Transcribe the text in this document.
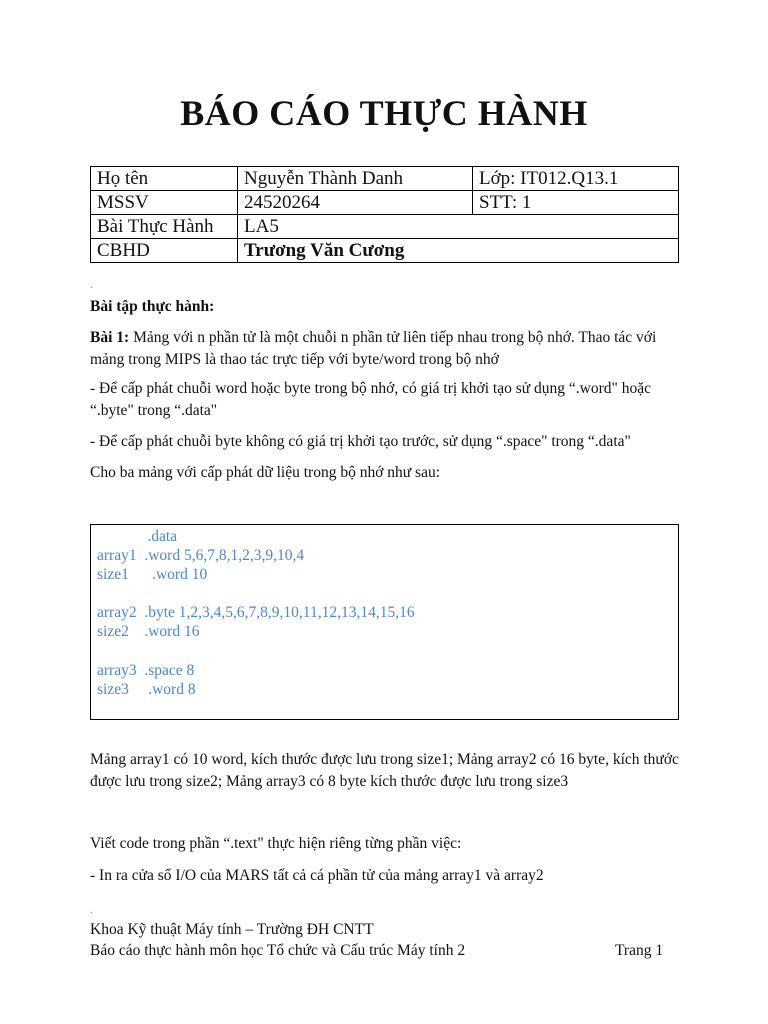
BÁO CÁO THỰC HÀNH
Họ tên	Nguyễn Thành Danh	Lớp: IT012.Q13.1
MSSV	24520264	STT: 1
Bài Thực Hành	LA5	
CBHD	Trương Văn Cương	
.
Bài tập thực hành:
Bài 1: Mảng với n phần tử là một chuỗi n phần tử liên tiếp nhau trong bộ nhớ. Thao tác với mảng trong MIPS là thao tác trực tiếp với byte/word trong bộ nhớ
- Để cấp phát chuỗi word hoặc byte trong bộ nhớ, có giá trị khởi tạo sử dụng “.word" hoặc “.byte" trong “.data"
- Để cấp phát chuỗi byte không có giá trị khởi tạo trước, sử dụng “.space" trong “.data"
Cho ba mảng với cấp phát dữ liệu trong bộ nhớ như sau:
.data
array1  .word 5,6,7,8,1,2,3,9,10,4
size1      .word 10
array2  .byte 1,2,3,4,5,6,7,8,9,10,11,12,13,14,15,16
size2    .word 16
array3  .space 8
size3     .word 8
Mảng array1 có 10 word, kích thước được lưu trong size1; Mảng array2 có 16 byte, kích thước được lưu trong size2; Mảng array3 có 8 byte kích thước được lưu trong size3
Viết code trong phần “.text" thực hiện riêng từng phần việc:
- In ra cửa sổ I/O của MARS tất cả cá phần tử của mảng array1 và array2
.
Khoa Kỹ thuật Máy tính – Trường ĐH CNTT
Báo cáo thực hành môn học Tổ chức và Cấu trúc Máy tính 2	Trang 1
